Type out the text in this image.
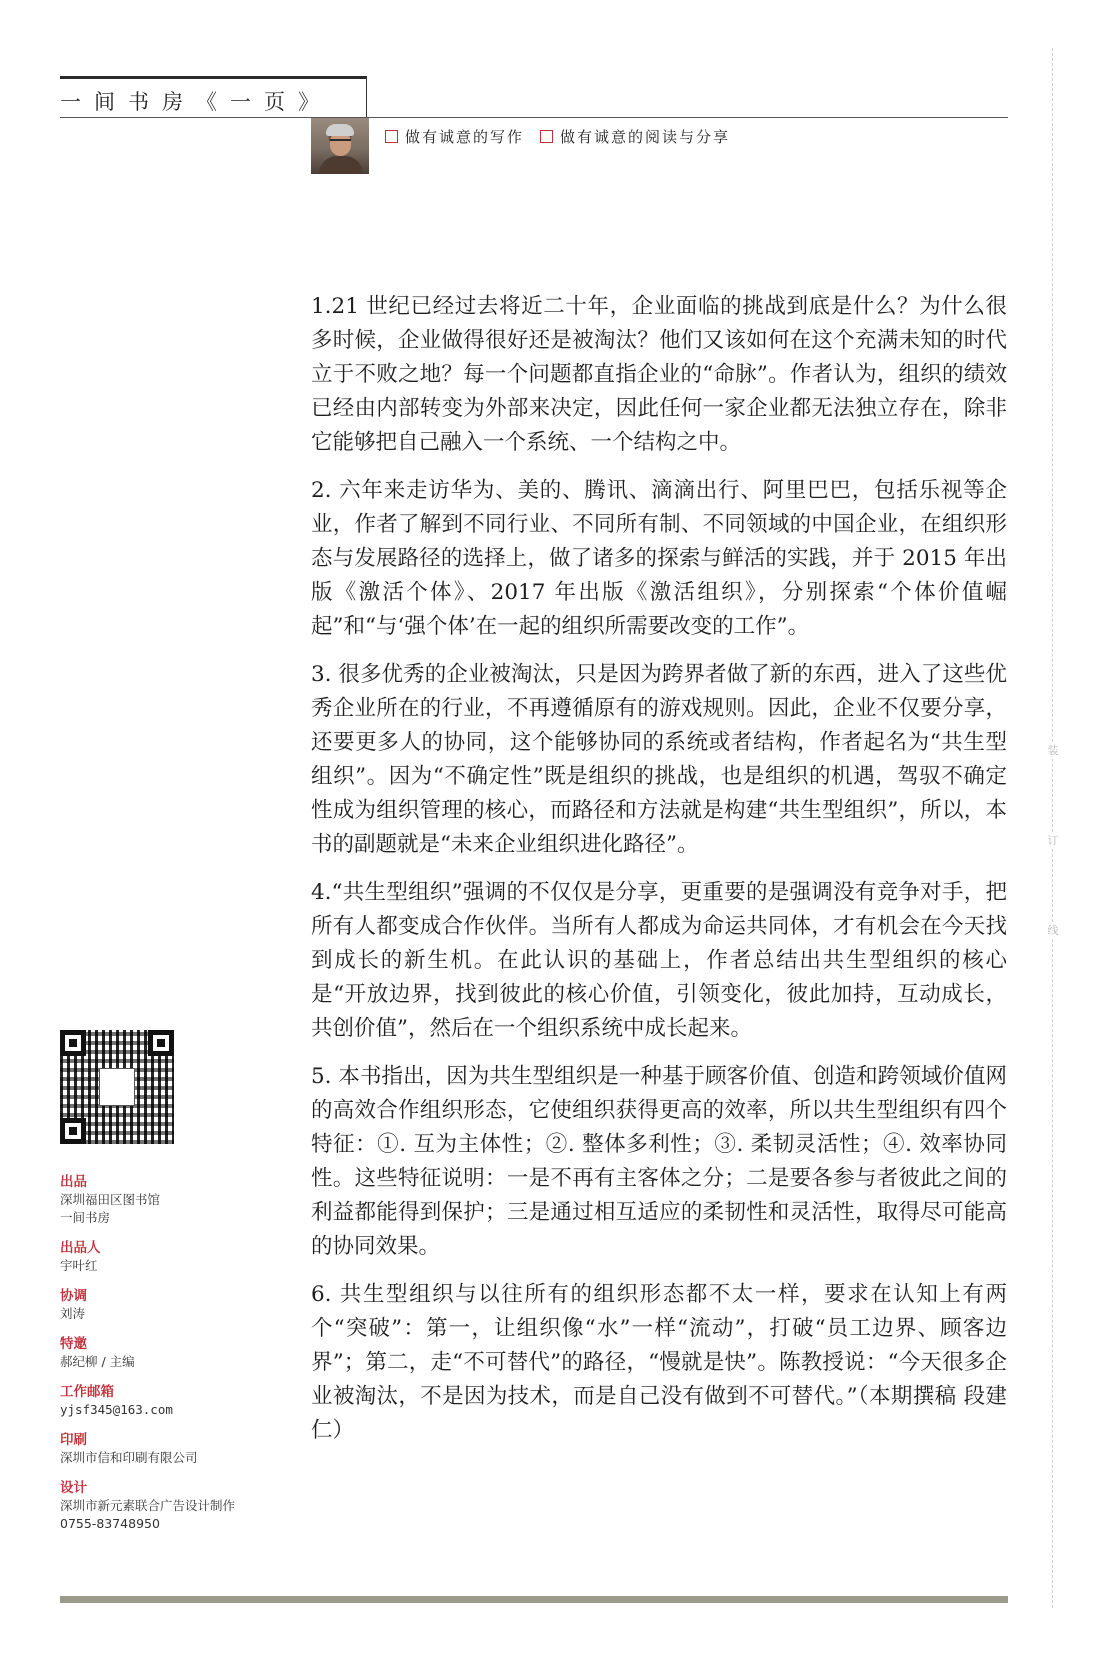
一间书房《一页》
做有诚意的写作 做有诚意的阅读与分享
装
订
线

1.21 世纪已经过去将近二十年，企业面临的挑战到底是什么？为什么很多时候，企业做得很好还是被淘汰？他们又该如何在这个充满未知的时代立于不败之地？每一个问题都直指企业的“命脉”。作者认为，组织的绩效已经由内部转变为外部来决定，因此任何一家企业都无法独立存在，除非它能够把自己融入一个系统、一个结构之中。

2. 六年来走访华为、美的、腾讯、滴滴出行、阿里巴巴，包括乐视等企业，作者了解到不同行业、不同所有制、不同领域的中国企业，在组织形态与发展路径的选择上，做了诸多的探索与鲜活的实践，并于 2015 年出版《激活个体》、2017 年出版《激活组织》，分别探索“个体价值崛起”和“与‘强个体’在一起的组织所需要改变的工作”。

3. 很多优秀的企业被淘汰，只是因为跨界者做了新的东西，进入了这些优秀企业所在的行业，不再遵循原有的游戏规则。因此，企业不仅要分享，还要更多人的协同，这个能够协同的系统或者结构，作者起名为“共生型组织”。因为“不确定性”既是组织的挑战，也是组织的机遇，驾驭不确定性成为组织管理的核心，而路径和方法就是构建“共生型组织”，所以，本书的副题就是“未来企业组织进化路径”。

4.“共生型组织”强调的不仅仅是分享，更重要的是强调没有竞争对手，把所有人都变成合作伙伴。当所有人都成为命运共同体，才有机会在今天找到成长的新生机。在此认识的基础上，作者总结出共生型组织的核心是“开放边界，找到彼此的核心价值，引领变化，彼此加持，互动成长，共创价值”，然后在一个组织系统中成长起来。

5. 本书指出，因为共生型组织是一种基于顾客价值、创造和跨领域价值网的高效合作组织形态，它使组织获得更高的效率，所以共生型组织有四个特征：①. 互为主体性；②. 整体多利性；③. 柔韧灵活性；④. 效率协同性。这些特征说明：一是不再有主客体之分；二是要各参与者彼此之间的利益都能得到保护；三是通过相互适应的柔韧性和灵活性，取得尽可能高的协同效果。

6. 共生型组织与以往所有的组织形态都不太一样，要求在认知上有两个“突破”：第一，让组织像“水”一样“流动”，打破“员工边界、顾客边界”；第二，走“不可替代”的路径，“慢就是快”。陈教授说：“今天很多企业被淘汰，不是因为技术，而是自己没有做到不可替代。”（本期撰稿 段建仁）

出品
深圳福田区图书馆
一间书房
出品人
宇叶红
协调
刘涛
特邀
郝纪柳 / 主编
工作邮箱
yjsf345@163.com
印刷
深圳市信和印刷有限公司
设计
深圳市新元素联合广告设计制作
0755-83748950
